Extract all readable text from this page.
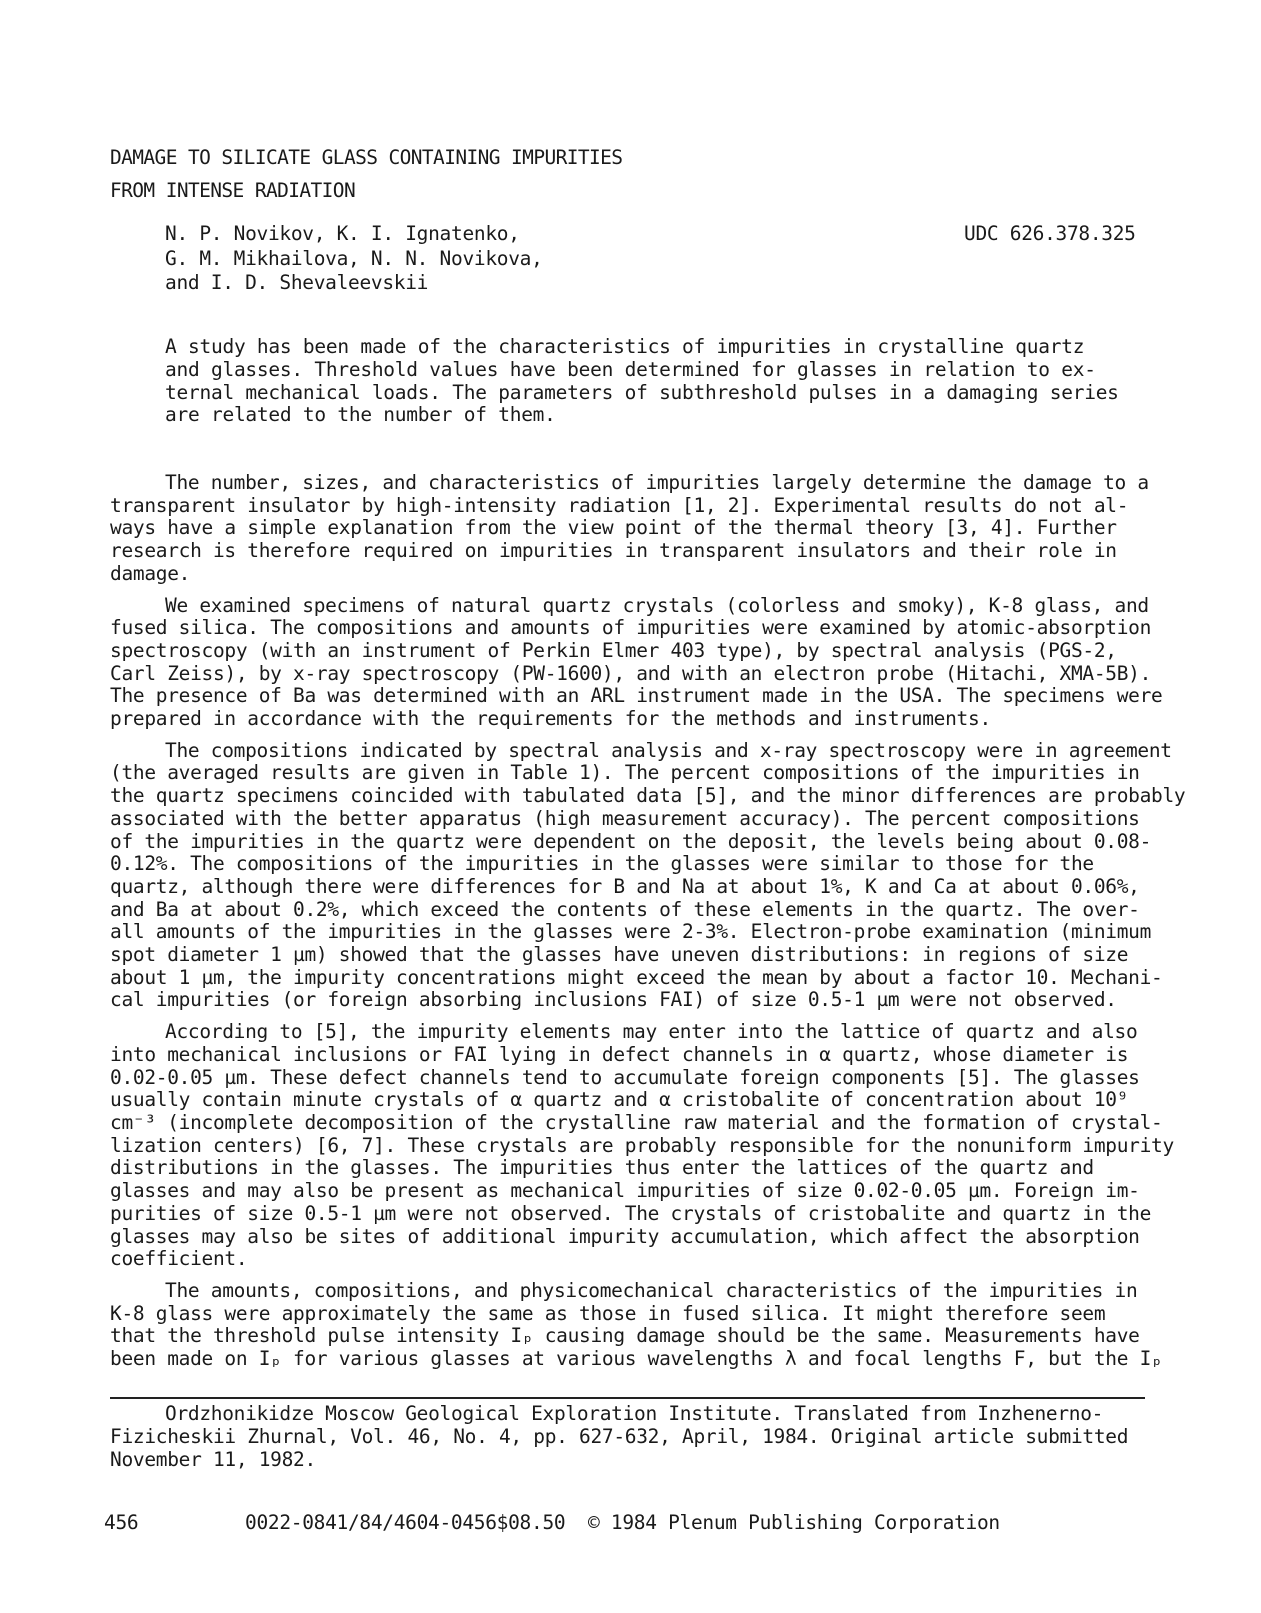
DAMAGE TO SILICATE GLASS CONTAINING IMPURITIES
FROM INTENSE RADIATION
N. P. Novikov, K. I. Ignatenko,
G. M. Mikhailova, N. N. Novikova,
and I. D. Shevaleevskii
UDC 626.378.325
A study has been made of the characteristics of impurities in crystalline quartz
and glasses. Threshold values have been determined for glasses in relation to ex-
ternal mechanical loads. The parameters of subthreshold pulses in a damaging series
are related to the number of them.
The number, sizes, and characteristics of impurities largely determine the damage to a
transparent insulator by high-intensity radiation [1, 2]. Experimental results do not al-
ways have a simple explanation from the view point of the thermal theory [3, 4]. Further
research is therefore required on impurities in transparent insulators and their role in
damage.
We examined specimens of natural quartz crystals (colorless and smoky), K-8 glass, and
fused silica. The compositions and amounts of impurities were examined by atomic-absorption
spectroscopy (with an instrument of Perkin Elmer 403 type), by spectral analysis (PGS-2,
Carl Zeiss), by x-ray spectroscopy (PW-1600), and with an electron probe (Hitachi, XMA-5B).
The presence of Ba was determined with an ARL instrument made in the USA. The specimens were
prepared in accordance with the requirements for the methods and instruments.
The compositions indicated by spectral analysis and x-ray spectroscopy were in agreement
(the averaged results are given in Table 1). The percent compositions of the impurities in
the quartz specimens coincided with tabulated data [5], and the minor differences are probably
associated with the better apparatus (high measurement accuracy). The percent compositions
of the impurities in the quartz were dependent on the deposit, the levels being about 0.08-
0.12%. The compositions of the impurities in the glasses were similar to those for the
quartz, although there were differences for B and Na at about 1%, K and Ca at about 0.06%,
and Ba at about 0.2%, which exceed the contents of these elements in the quartz. The over-
all amounts of the impurities in the glasses were 2-3%. Electron-probe examination (minimum
spot diameter 1 µm) showed that the glasses have uneven distributions: in regions of size
about 1 µm, the impurity concentrations might exceed the mean by about a factor 10. Mechani-
cal impurities (or foreign absorbing inclusions FAI) of size 0.5-1 µm were not observed.
According to [5], the impurity elements may enter into the lattice of quartz and also
into mechanical inclusions or FAI lying in defect channels in α quartz, whose diameter is
0.02-0.05 µm. These defect channels tend to accumulate foreign components [5]. The glasses
usually contain minute crystals of α quartz and α cristobalite of concentration about 10⁹
cm⁻³ (incomplete decomposition of the crystalline raw material and the formation of crystal-
lization centers) [6, 7]. These crystals are probably responsible for the nonuniform impurity
distributions in the glasses. The impurities thus enter the lattices of the quartz and
glasses and may also be present as mechanical impurities of size 0.02-0.05 µm. Foreign im-
purities of size 0.5-1 µm were not observed. The crystals of cristobalite and quartz in the
glasses may also be sites of additional impurity accumulation, which affect the absorption
coefficient.
The amounts, compositions, and physicomechanical characteristics of the impurities in
K-8 glass were approximately the same as those in fused silica. It might therefore seem
that the threshold pulse intensity Iₚ causing damage should be the same. Measurements have
been made on Iₚ for various glasses at various wavelengths λ and focal lengths F, but the Iₚ
Ordzhonikidze Moscow Geological Exploration Institute. Translated from Inzhenerno-
Fizicheskii Zhurnal, Vol. 46, No. 4, pp. 627-632, April, 1984. Original article submitted
November 11, 1982.
456	0022-0841/84/4604-0456$08.50 © 1984 Plenum Publishing Corporation
